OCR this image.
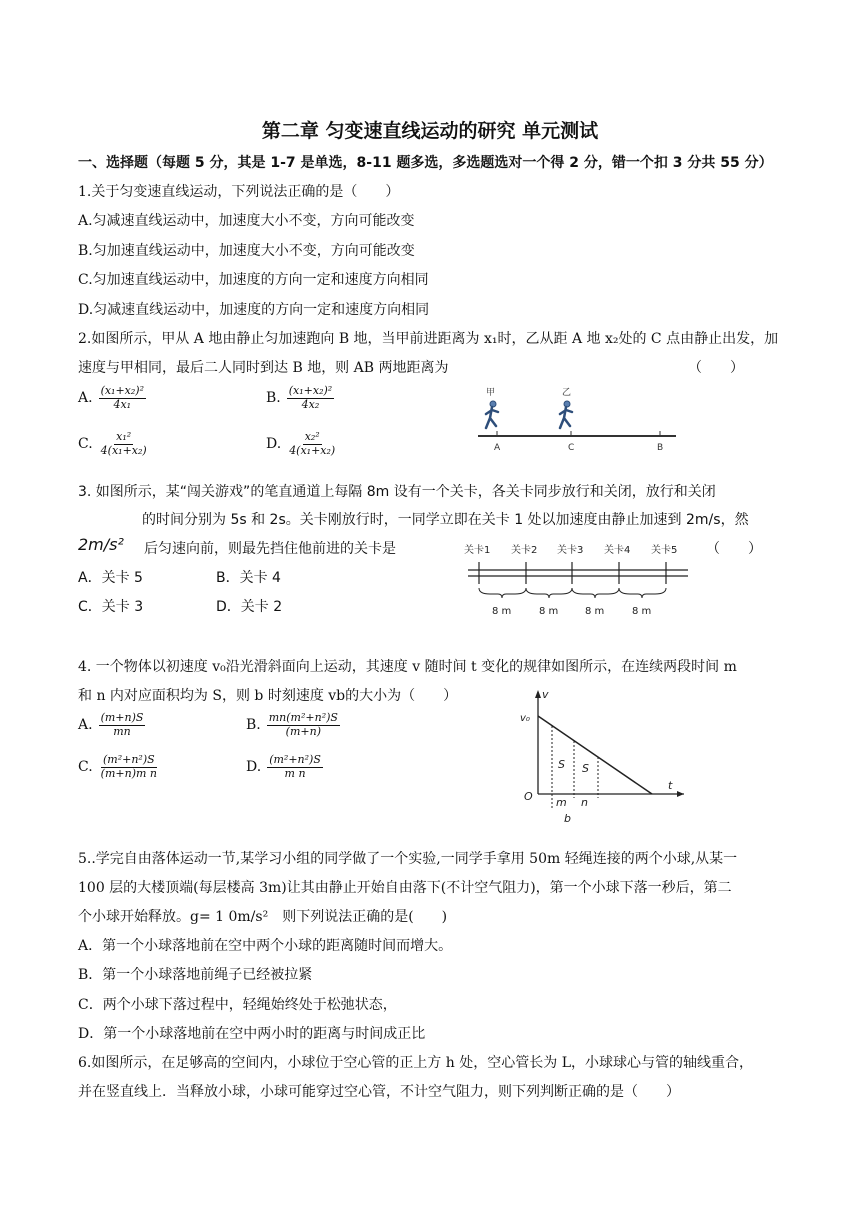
第二章 匀变速直线运动的研究 单元测试
一、选择题（每题 5 分，其是 1-7 是单选，8-11 题多选，多选题选对一个得 2 分，错一个扣 3 分共 55 分）
1.关于匀变速直线运动，下列说法正确的是（　　）
A.匀减速直线运动中，加速度大小不变，方向可能改变
B.匀加速直线运动中，加速度大小不变，方向可能改变
C.匀加速直线运动中，加速度的方向一定和速度方向相同
D.匀减速直线运动中，加速度的方向一定和速度方向相同
2.如图所示，甲从 A 地由静止匀加速跑向 B 地，当甲前进距离为 x₁时，乙从距 A 地 x₂处的 C 点由静止出发，加
速度与甲相同，最后二人同时到达 B 地，则 AB 两地距离为	（　　）
A. $\frac{\text{(x₁+x₂)²}}{\text{4x₁}}$	B. $\frac{\text{(x₁+x₂)²}}{\text{4x₂}}$
C. $\frac{\text{x₁²}}{\text{4(x₁+x₂)}}$	D. $\frac{\text{x₂²}}{\text{4(x₁+x₂)}}$
甲	乙
A	C	B
3. 如图所示，某“闯关游戏”的笔直通道上每隔 8m 设有一个关卡，各关卡同步放行和关闭，放行和关闭
的时间分别为 5s 和 2s。关卡刚放行时，一同学立即在关卡 1 处以加速度由静止加速到 2m/s，然
2m/s² 后匀速向前，则最先挡住他前进的关卡是	（　　）
A．关卡 5	B．关卡 4
C．关卡 3	D．关卡 2
关卡1 关卡2 关卡3 关卡4 关卡5
8 m	8 m	8 m	8 m
4. 一个物体以初速度 v₀沿光滑斜面向上运动，其速度 v 随时间 t 变化的规律如图所示，在连续两段时间 m
和 n 内对应面积均为 S，则 b 时刻速度 vb的大小为（　　）
A. $\frac{(m+n)S}{mn}$	B. $\frac{\text{mn(m²+n²)S}}{(m+n)}$
C. $\frac{\text{(m²+n²)S}}{\text{(m+n)m n}}$	D. $\frac{\text{(m²+n²)S}}{\text{m n}}$
v
v₀
t
O
S S
m n
b
5..学完自由落体运动一节,某学习小组的同学做了一个实验,一同学手拿用 50m 轻绳连接的两个小球,从某一
100 层的大楼顶端(每层楼高 3m)让其由静止开始自由落下(不计空气阻力)，第一个小球下落一秒后，第二
个小球开始释放。g= 1 0m/s²　则下列说法正确的是(　　)
A．第一个小球落地前在空中两个小球的距离随时间而增大。
B．第一个小球落地前绳子已经被拉紧
C．两个小球下落过程中，轻绳始终处于松弛状态，
D．第一个小球落地前在空中两小时的距离与时间成正比
6.如图所示，在足够高的空间内，小球位于空心管的正上方 h 处，空心管长为 L，小球球心与管的轴线重合，
并在竖直线上．当释放小球，小球可能穿过空心管，不计空气阻力，则下列判断正确的是（　　）
